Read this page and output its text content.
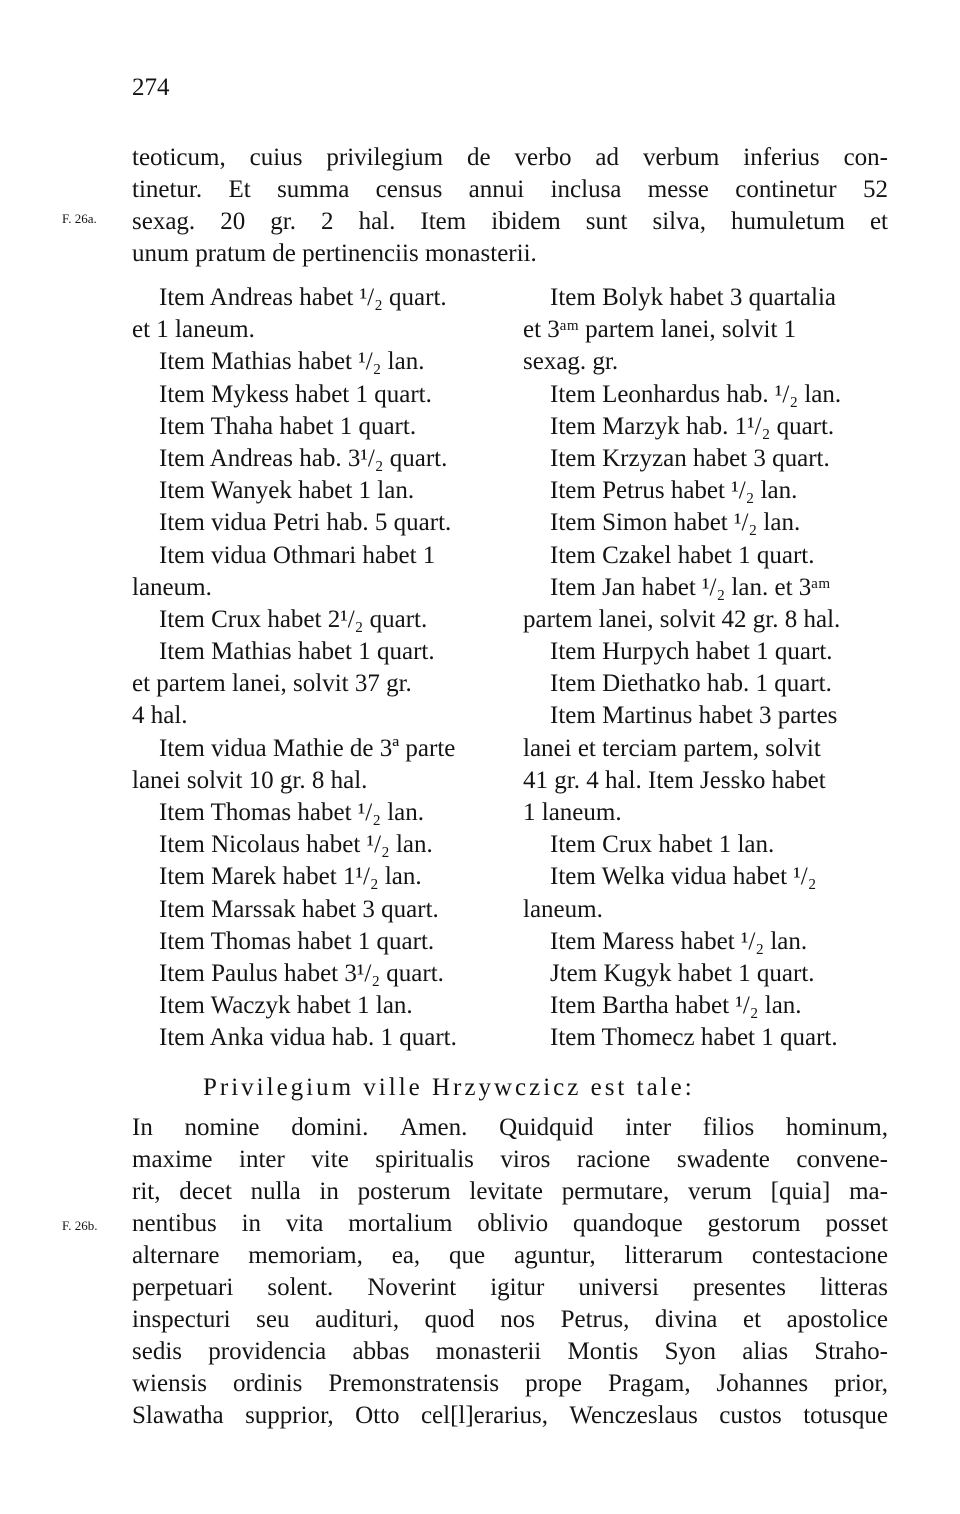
274
F. 26a.
F. 26b.
teoticum, cuius privilegium de verbo ad verbum inferius con-
tinetur. Et summa census annui inclusa messe continetur 52
sexag. 20 gr. 2 hal. Item ibidem sunt silva, humuletum et
unum pratum de pertinenciis monasterii.
Item Andreas habet ¹/₂ quart.
et 1 laneum.
Item Mathias habet ¹/₂ lan.
Item Mykess habet 1 quart.
Item Thaha habet 1 quart.
Item Andreas hab. 3¹/₂ quart.
Item Wanyek habet 1 lan.
Item vidua Petri hab. 5 quart.
Item vidua Othmari habet 1
laneum.
Item Crux habet 2¹/₂ quart.
Item Mathias habet 1 quart.
et partem lanei, solvit 37 gr.
4 hal.
Item vidua Mathie de 3ª parte
lanei solvit 10 gr. 8 hal.
Item Thomas habet ¹/₂ lan.
Item Nicolaus habet ¹/₂ lan.
Item Marek habet 1¹/₂ lan.
Item Marssak habet 3 quart.
Item Thomas habet 1 quart.
Item Paulus habet 3¹/₂ quart.
Item Waczyk habet 1 lan.
Item Anka vidua hab. 1 quart.
Item Bolyk habet 3 quartalia
et 3ᵃᵐ partem lanei, solvit 1
sexag. gr.
Item Leonhardus hab. ¹/₂ lan.
Item Marzyk hab. 1¹/₂ quart.
Item Krzyzan habet 3 quart.
Item Petrus habet ¹/₂ lan.
Item Simon habet ¹/₂ lan.
Item Czakel habet 1 quart.
Item Jan habet ¹/₂ lan. et 3ᵃᵐ
partem lanei, solvit 42 gr. 8 hal.
Item Hurpych habet 1 quart.
Item Diethatko hab. 1 quart.
Item Martinus habet 3 partes
lanei et terciam partem, solvit
41 gr. 4 hal. Item Jessko habet
1 laneum.
Item Crux habet 1 lan.
Item Welka vidua habet ¹/₂
laneum.
Item Maress habet ¹/₂ lan.
Jtem Kugyk habet 1 quart.
Item Bartha habet ¹/₂ lan.
Item Thomecz habet 1 quart.
Privilegium ville Hrzywczicz est tale:
In nomine domini. Amen. Quidquid inter filios hominum,
maxime inter vite spiritualis viros racione swadente convene-
rit, decet nulla in posterum levitate permutare, verum [quia] ma-
nentibus in vita mortalium oblivio quandoque gestorum posset
alternare memoriam, ea, que aguntur, litterarum contestacione
perpetuari solent. Noverint igitur universi presentes litteras
inspecturi seu audituri, quod nos Petrus, divina et apostolice
sedis providencia abbas monasterii Montis Syon alias Straho-
wiensis ordinis Premonstratensis prope Pragam, Johannes prior,
Slawatha supprior, Otto cel[l]erarius, Wenczeslaus custos totusque
